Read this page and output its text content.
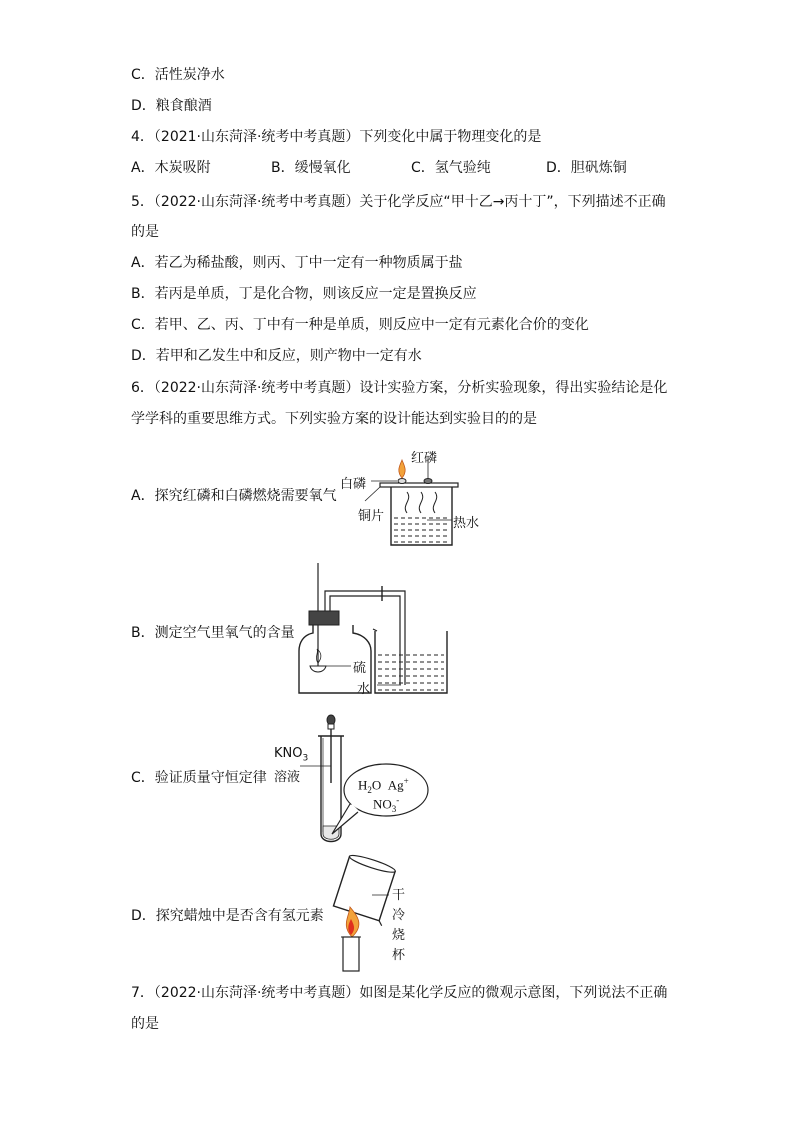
C．活性炭净水
D．粮食酿酒
4．（2021·山东菏泽·统考中考真题）下列变化中属于物理变化的是
A．木炭吸附	B．缓慢氧化	C．氢气验纯	D．胆矾炼铜
5．（2022·山东菏泽·统考中考真题）关于化学反应“甲十乙→丙十丁”，下列描述不正确
的是
A．若乙为稀盐酸，则丙、丁中一定有一种物质属于盐
B．若丙是单质，丁是化合物，则该反应一定是置换反应
C．若甲、乙、丙、丁中有一种是单质，则反应中一定有元素化合价的变化
D．若甲和乙发生中和反应，则产物中一定有水
6．（2022·山东菏泽·统考中考真题）设计实验方案，分析实验现象，得出实验结论是化
学学科的重要思维方式。下列实验方案的设计能达到实验目的的是
A．探究红磷和白磷燃烧需要氧气
红磷
白磷
铜片	热水
B．测定空气里氧气的含量
硫
水
C．验证质量守恒定律
$KNO_3$
溶液	$H_2O$ Ag+
$NO_3^-$
D．探究蜡烛中是否含有氢元素
干
冷
烧
杯
7．（2022·山东菏泽·统考中考真题）如图是某化学反应的微观示意图，下列说法不正确
的是
